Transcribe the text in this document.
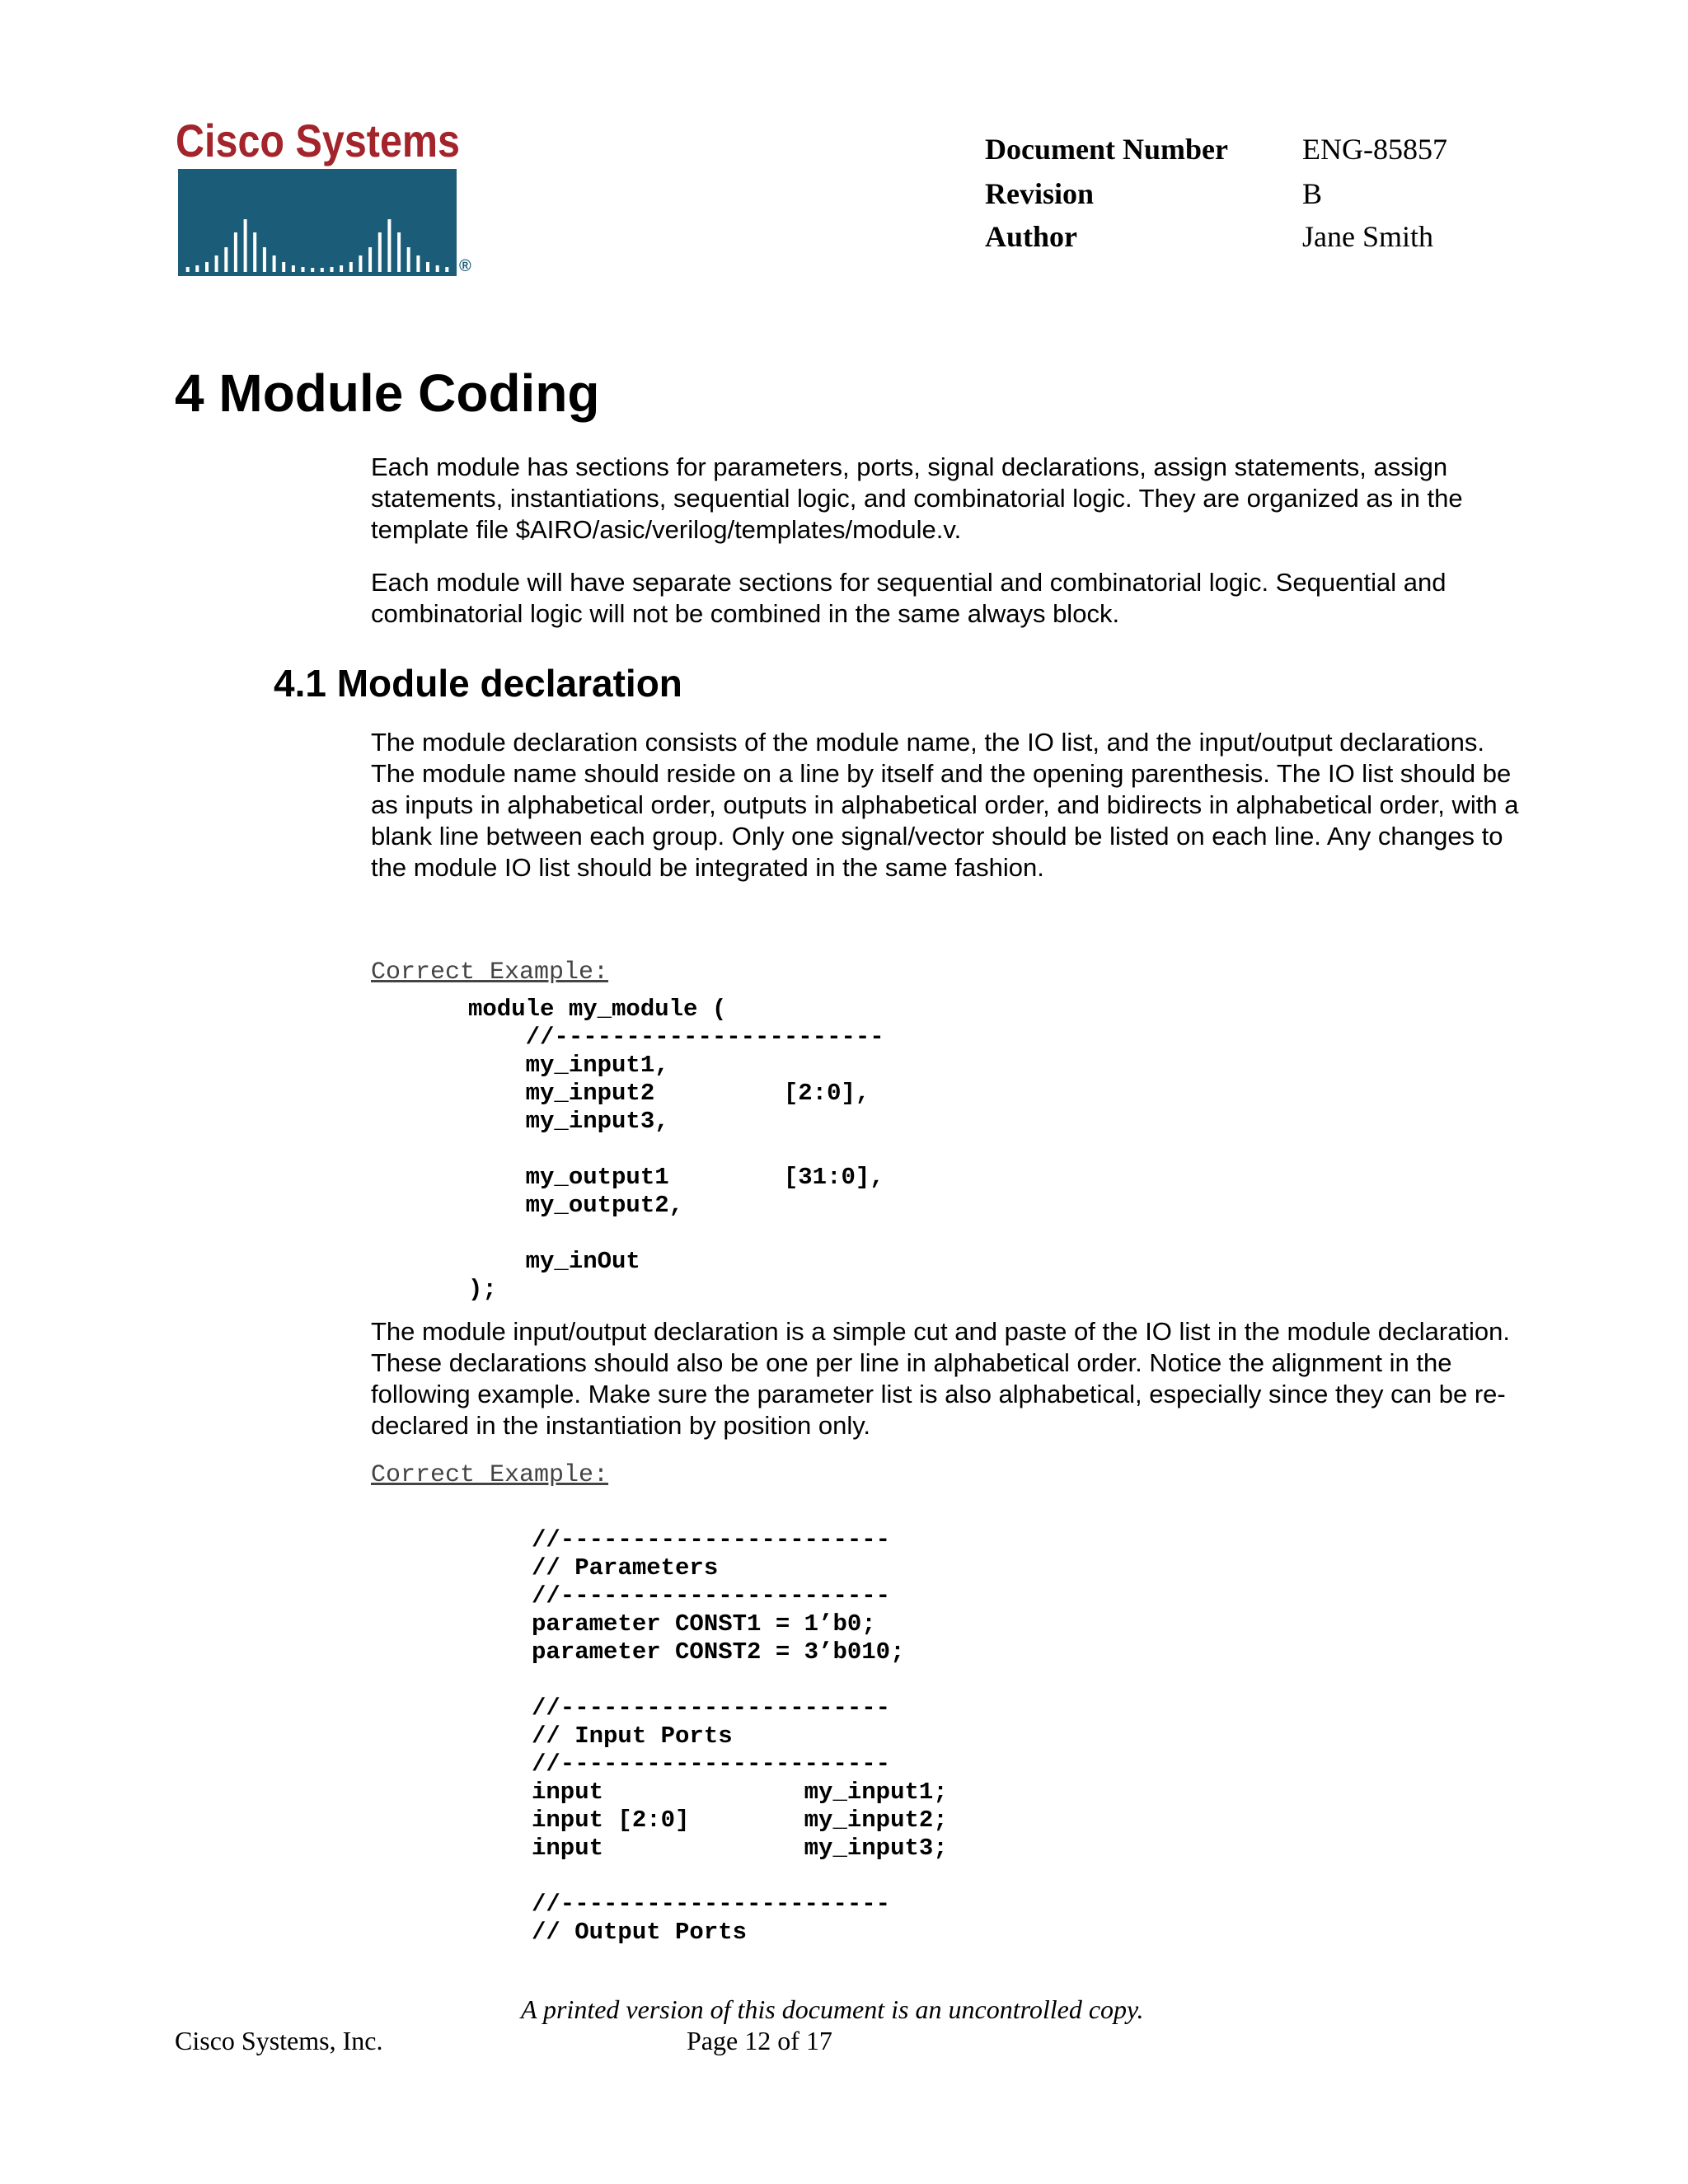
Cisco Systems
®
Document Number	ENG-85857
Revision	B
Author	Jane Smith
4 Module Coding

Each module has sections for parameters, ports, signal declarations, assign statements, assign statements, instantiations, sequential logic, and combinatorial logic. They are organized as in the template file $AIRO/asic/verilog/templates/module.v.

Each module will have separate sections for sequential and combinatorial logic. Sequential and combinatorial logic will not be combined in the same always block.

4.1 Module declaration

The module declaration consists of the module name, the IO list, and the input/output declarations. The module name should reside on a line by itself and the opening parenthesis. The IO list should be as inputs in alphabetical order, outputs in alphabetical order, and bidirects in alphabetical order, with a blank line between each group. Only one signal/vector should be listed on each line. Any changes to the module IO list should be integrated in the same fashion.

Correct Example:
module my_module (
//-----------------------
my_input1,
my_input2         [2:0],
my_input3,

my_output1        [31:0],
my_output2,

my_inOut
);

The module input/output declaration is a simple cut and paste of the IO list in the module declaration. These declarations should also be one per line in alphabetical order. Notice the alignment in the following example. Make sure the parameter list is also alphabetical, especially since they can be re-declared in the instantiation by position only.

Correct Example:
//-----------------------
// Parameters
//-----------------------
parameter CONST1 = 1’b0;
parameter CONST2 = 3’b010;

//-----------------------
// Input Ports
//-----------------------
input              my_input1;
input [2:0]        my_input2;
input              my_input3;

//-----------------------
// Output Ports
A printed version of this document is an uncontrolled copy.
Cisco Systems, Inc.	Page 12 of 17
